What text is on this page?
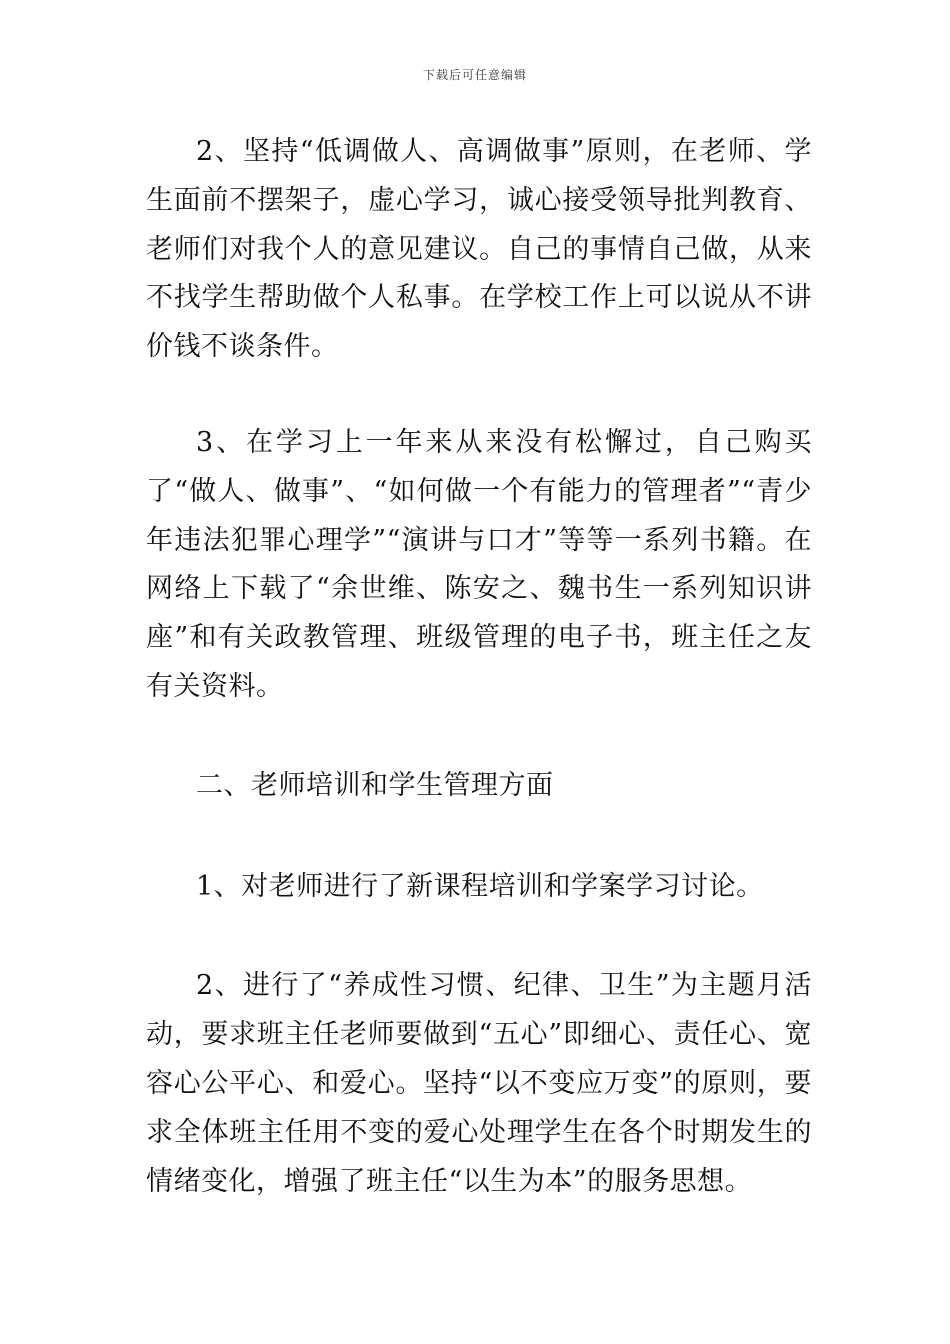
下载后可任意编辑

2、坚持“低调做人、高调做事”原则，在老师、学生面前不摆架子，虚心学习，诚心接受领导批判教育、老师们对我个人的意见建议。自己的事情自己做，从来不找学生帮助做个人私事。在学校工作上可以说从不讲价钱不谈条件。

3、在学习上一年来从来没有松懈过，自己购买了“做人、做事”、“如何做一个有能力的管理者”“青少年违法犯罪心理学”“演讲与口才”等等一系列书籍。在网络上下载了“余世维、陈安之、魏书生一系列知识讲座”和有关政教管理、班级管理的电子书，班主任之友有关资料。

二、老师培训和学生管理方面

1、对老师进行了新课程培训和学案学习讨论。

2、进行了“养成性习惯、纪律、卫生”为主题月活动，要求班主任老师要做到“五心”即细心、责任心、宽容心公平心、和爱心。坚持“以不变应万变”的原则，要求全体班主任用不变的爱心处理学生在各个时期发生的情绪变化，增强了班主任“以生为本”的服务思想。
